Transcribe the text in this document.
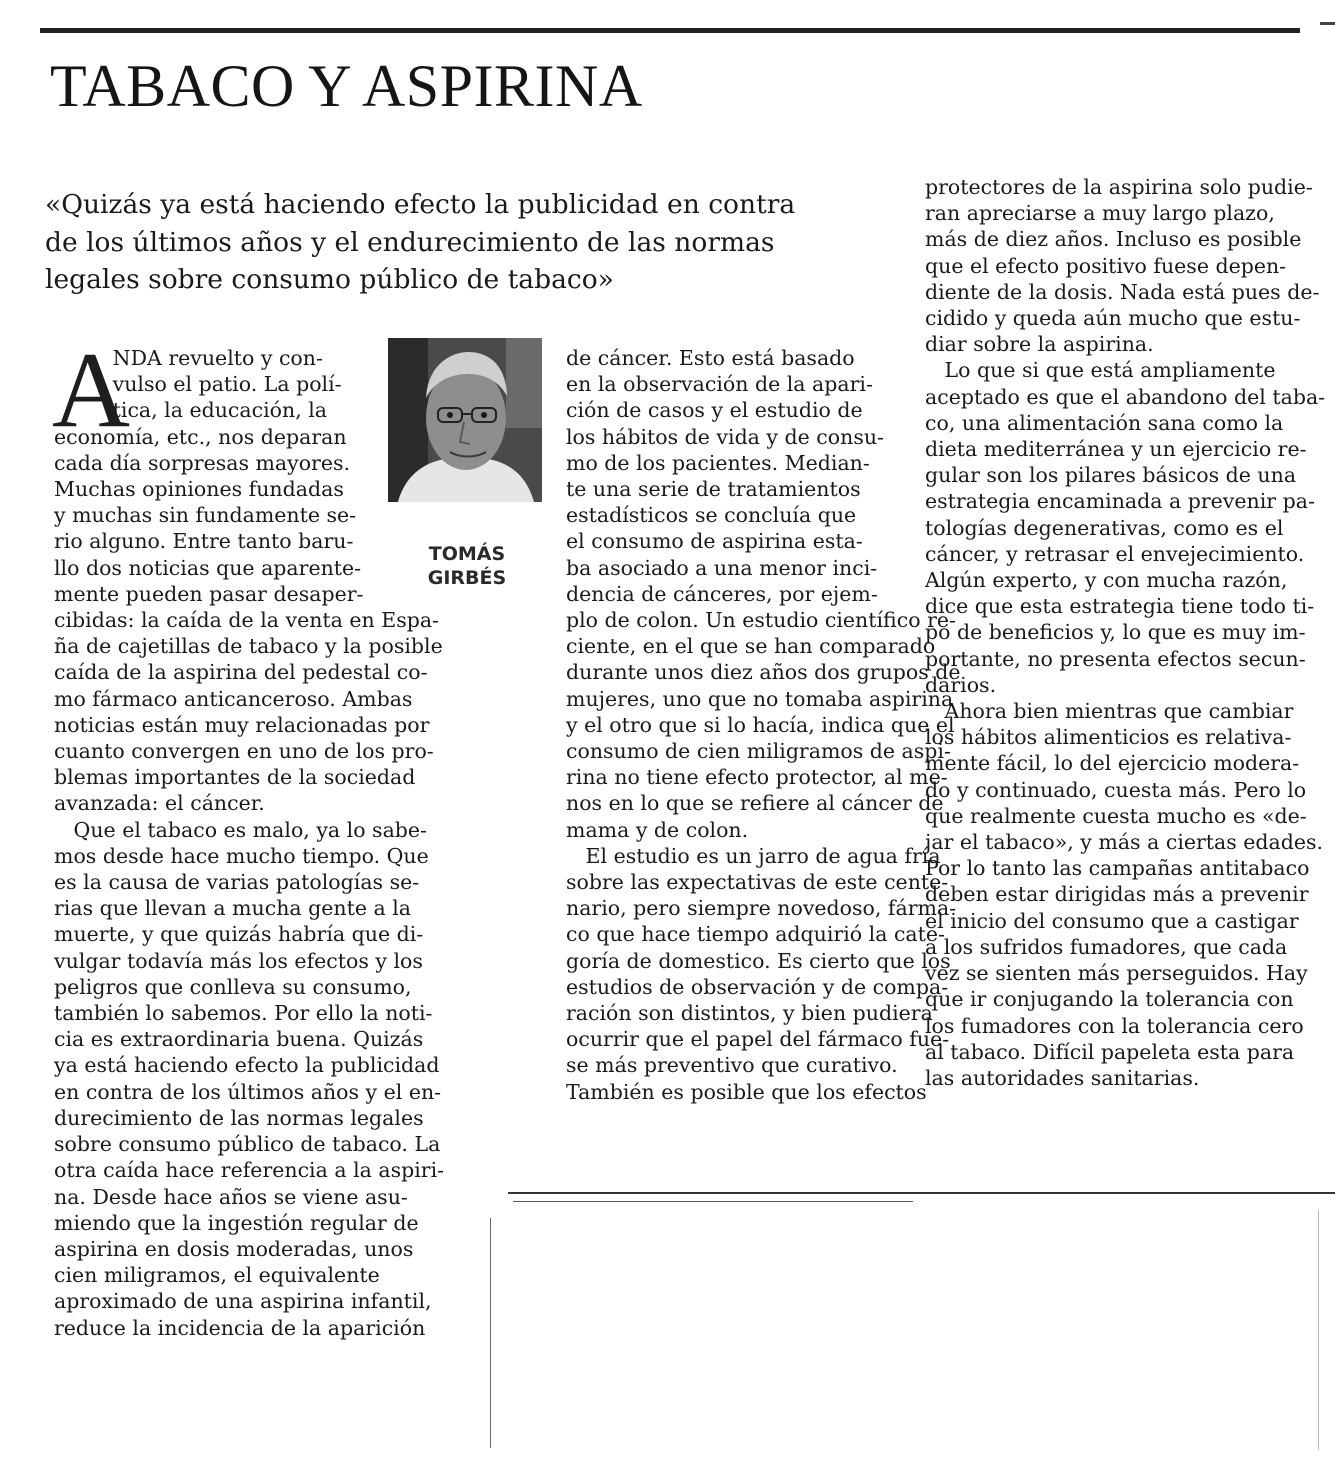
TABACO Y ASPIRINA
«Quizás ya está haciendo efecto la publicidad en contra
de los últimos años y el endurecimiento de las normas
legales sobre consumo público de tabaco»
TOMÁS
GIRBÉS
A
NDA revuelto y con-
vulso el patio. La polí-
tica, la educación, la
economía, etc., nos deparan
cada día sorpresas mayores.
Muchas opiniones fundadas
y muchas sin fundamente se-
rio alguno. Entre tanto baru-
llo dos noticias que aparente-
mente pueden pasar desaper-
cibidas: la caída de la venta en Espa-
ña de cajetillas de tabaco y la posible
caída de la aspirina del pedestal co-
mo fármaco anticanceroso. Ambas
noticias están muy relacionadas por
cuanto convergen en uno de los pro-
blemas importantes de la sociedad
avanzada: el cáncer.
Que el tabaco es malo, ya lo sabe-
mos desde hace mucho tiempo. Que
es la causa de varias patologías se-
rias que llevan a mucha gente a la
muerte, y que quizás habría que di-
vulgar todavía más los efectos y los
peligros que conlleva su consumo,
también lo sabemos. Por ello la noti-
cia es extraordinaria buena. Quizás
ya está haciendo efecto la publicidad
en contra de los últimos años y el en-
durecimiento de las normas legales
sobre consumo público de tabaco. La
otra caída hace referencia a la aspiri-
na. Desde hace años se viene asu-
miendo que la ingestión regular de
aspirina en dosis moderadas, unos
cien miligramos, el equivalente
aproximado de una aspirina infantil,
reduce la incidencia de la aparición
de cáncer. Esto está basado
en la observación de la apari-
ción de casos y el estudio de
los hábitos de vida y de consu-
mo de los pacientes. Median-
te una serie de tratamientos
estadísticos se concluía que
el consumo de aspirina esta-
ba asociado a una menor inci-
dencia de cánceres, por ejem-
plo de colon. Un estudio científico re-
ciente, en el que se han comparado
durante unos diez años dos grupos de
mujeres, uno que no tomaba aspirina
y el otro que si lo hacía, indica que el
consumo de cien miligramos de aspi-
rina no tiene efecto protector, al me-
nos en lo que se refiere al cáncer de
mama y de colon.
El estudio es un jarro de agua fría
sobre las expectativas de este cente-
nario, pero siempre novedoso, fárma-
co que hace tiempo adquirió la cate-
goría de domestico. Es cierto que los
estudios de observación y de compa-
ración son distintos, y bien pudiera
ocurrir que el papel del fármaco fue-
se más preventivo que curativo.
También es posible que los efectos
protectores de la aspirina solo pudie-
ran apreciarse a muy largo plazo,
más de diez años. Incluso es posible
que el efecto positivo fuese depen-
diente de la dosis. Nada está pues de-
cidido y queda aún mucho que estu-
diar sobre la aspirina.
Lo que si que está ampliamente
aceptado es que el abandono del taba-
co, una alimentación sana como la
dieta mediterránea y un ejercicio re-
gular son los pilares básicos de una
estrategia encaminada a prevenir pa-
tologías degenerativas, como es el
cáncer, y retrasar el envejecimiento.
Algún experto, y con mucha razón,
dice que esta estrategia tiene todo ti-
po de beneficios y, lo que es muy im-
portante, no presenta efectos secun-
darios.
Ahora bien mientras que cambiar
los hábitos alimenticios es relativa-
mente fácil, lo del ejercicio modera-
do y continuado, cuesta más. Pero lo
que realmente cuesta mucho es «de-
jar el tabaco», y más a ciertas edades.
Por lo tanto las campañas antitabaco
deben estar dirigidas más a prevenir
el inicio del consumo que a castigar
a los sufridos fumadores, que cada
vez se sienten más perseguidos. Hay
que ir conjugando la tolerancia con
los fumadores con la tolerancia cero
al tabaco. Difícil papeleta esta para
las autoridades sanitarias.
